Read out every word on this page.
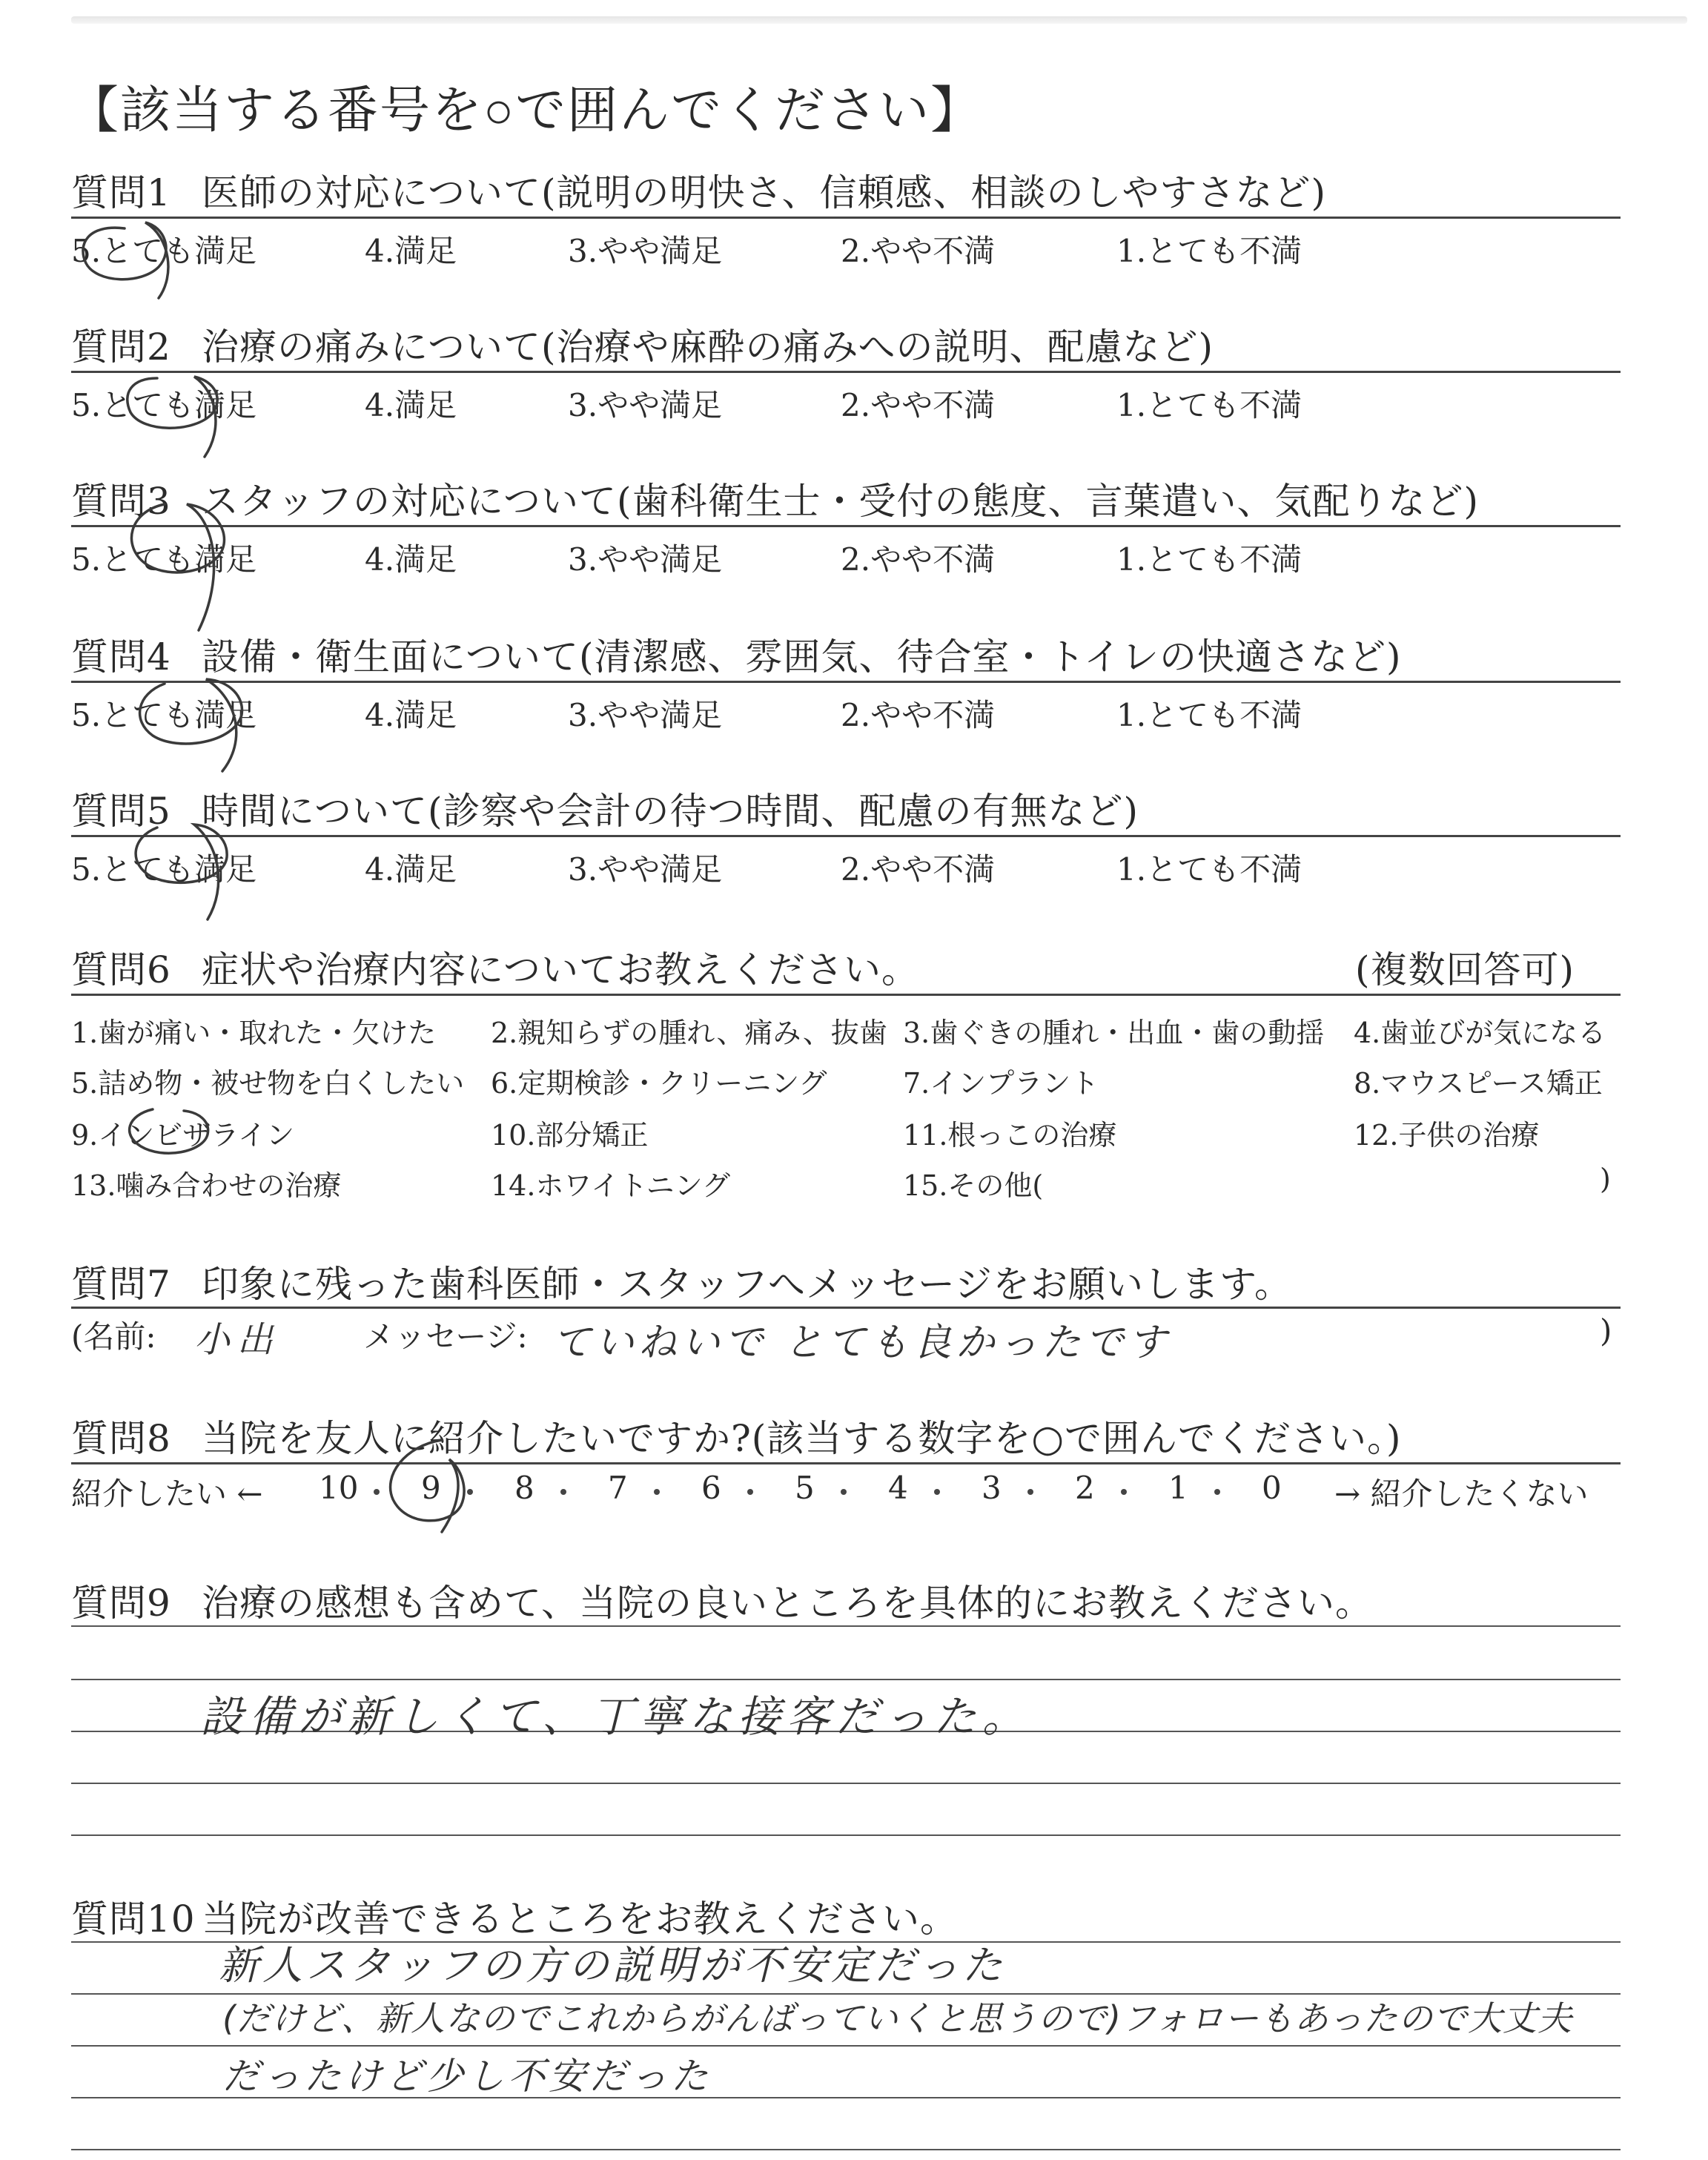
【該当する番号を○で囲んでください】
質問1 医師の対応について(説明の明快さ、信頼感、相談のしやすさなど)
5.とても満足	4.満足	3.やや満足	2.やや不満	1.とても不満
質問2 治療の痛みについて(治療や麻酔の痛みへの説明、配慮など)
5.とても満足	4.満足	3.やや満足	2.やや不満	1.とても不満
質問3 スタッフの対応について(歯科衛生士・受付の態度、言葉遣い、気配りなど)
5.とても満足	4.満足	3.やや満足	2.やや不満	1.とても不満
質問4 設備・衛生面について(清潔感、雰囲気、待合室・トイレの快適さなど)
5.とても満足	4.満足	3.やや満足	2.やや不満	1.とても不満
質問5 時間について(診察や会計の待つ時間、配慮の有無など)
5.とても満足	4.満足	3.やや満足	2.やや不満	1.とても不満
質問6 症状や治療内容についてお教えください。	(複数回答可)
1.歯が痛い・取れた・欠けた 2.親知らずの腫れ、痛み、抜歯 3.歯ぐきの腫れ・出血・歯の動揺 4.歯並びが気になる
5.詰め物・被せ物を白くしたい 6.定期検診・クリーニング	7.インプラント	8.マウスピース矯正
9.インビザライン	10.部分矯正	11.根っこの治療	12.子供の治療
13.噛み合わせの治療	14.ホワイトニング	15.その他(	)
質問7 印象に残った歯科医師・スタッフへメッセージをお願いします。
(名前: 小出	メッセージ: ていねいで とても良かったです	)
質問8 当院を友人に紹介したいですか?(該当する数字を○で囲んでください。)
紹介したい ← 10 9 8 7 6 5 4 3 2 1 0 → 紹介したくない
質問9 治療の感想も含めて、当院の良いところを具体的にお教えください。
設備が新しくて、丁寧な接客だった。
質問10 当院が改善できるところをお教えください。
新人スタッフの方の説明が不安定だった
(だけど、新人なのでこれからがんばっていくと思うので)フォローもあったので大丈夫
だったけど少し不安だった
